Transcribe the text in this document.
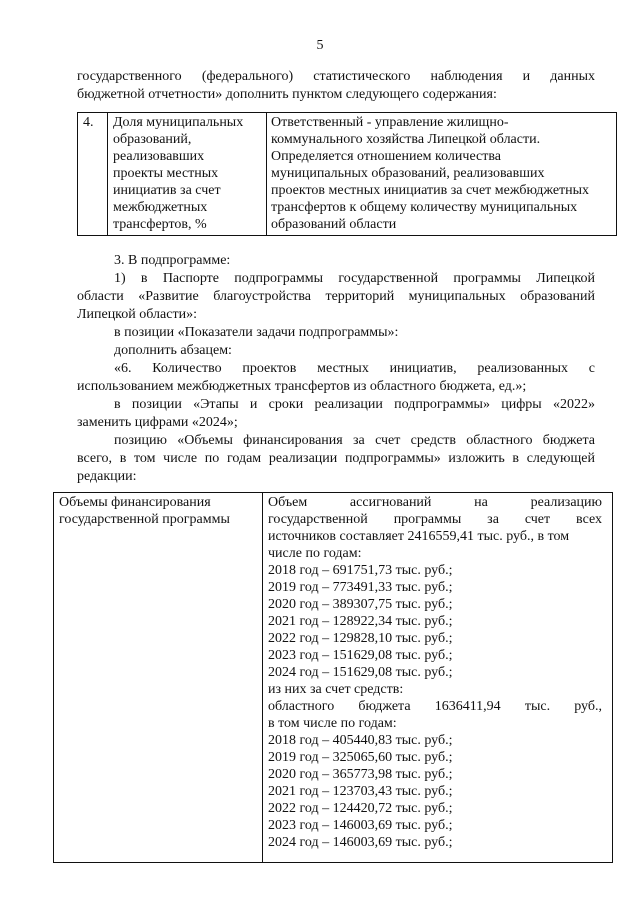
5
государственного (федерального) статистического наблюдения и данных
бюджетной отчетности» дополнить пунктом следующего содержания:
4. Доля муниципальных
образований,
реализовавших
проекты местных
инициатив за счет
межбюджетных
трансфертов, %
Ответственный - управление жилищно-
коммунального хозяйства Липецкой области.
Определяется отношением количества
муниципальных образований, реализовавших
проектов местных инициатив за счет межбюджетных
трансфертов к общему количеству муниципальных
образований области
3. В подпрограмме:
1) в Паспорте подпрограммы государственной программы Липецкой
области «Развитие благоустройства территорий муниципальных образований
Липецкой области»:
в позиции «Показатели задачи подпрограммы»:
дополнить абзацем:
«6. Количество проектов местных инициатив, реализованных с
использованием межбюджетных трансфертов из областного бюджета, ед.»;
в позиции «Этапы и сроки реализации подпрограммы» цифры «2022»
заменить цифрами «2024»;
позицию «Объемы финансирования за счет средств областного бюджета
всего, в том числе по годам реализации подпрограммы» изложить в следующей
редакции:
Объемы финансирования
государственной программы
Объем ассигнований на реализацию
государственной программы за счет всех
источников составляет 2416559,41 тыс. руб., в том
числе по годам:
2018 год – 691751,73 тыс. руб.;
2019 год – 773491,33 тыс. руб.;
2020 год – 389307,75 тыс. руб.;
2021 год – 128922,34 тыс. руб.;
2022 год – 129828,10 тыс. руб.;
2023 год – 151629,08 тыс. руб.;
2024 год – 151629,08 тыс. руб.;
из них за счет средств:
областного бюджета 1636411,94 тыс. руб.,
в том числе по годам:
2018 год – 405440,83 тыс. руб.;
2019 год – 325065,60 тыс. руб.;
2020 год – 365773,98 тыс. руб.;
2021 год – 123703,43 тыс. руб.;
2022 год – 124420,72 тыс. руб.;
2023 год – 146003,69 тыс. руб.;
2024 год – 146003,69 тыс. руб.;
